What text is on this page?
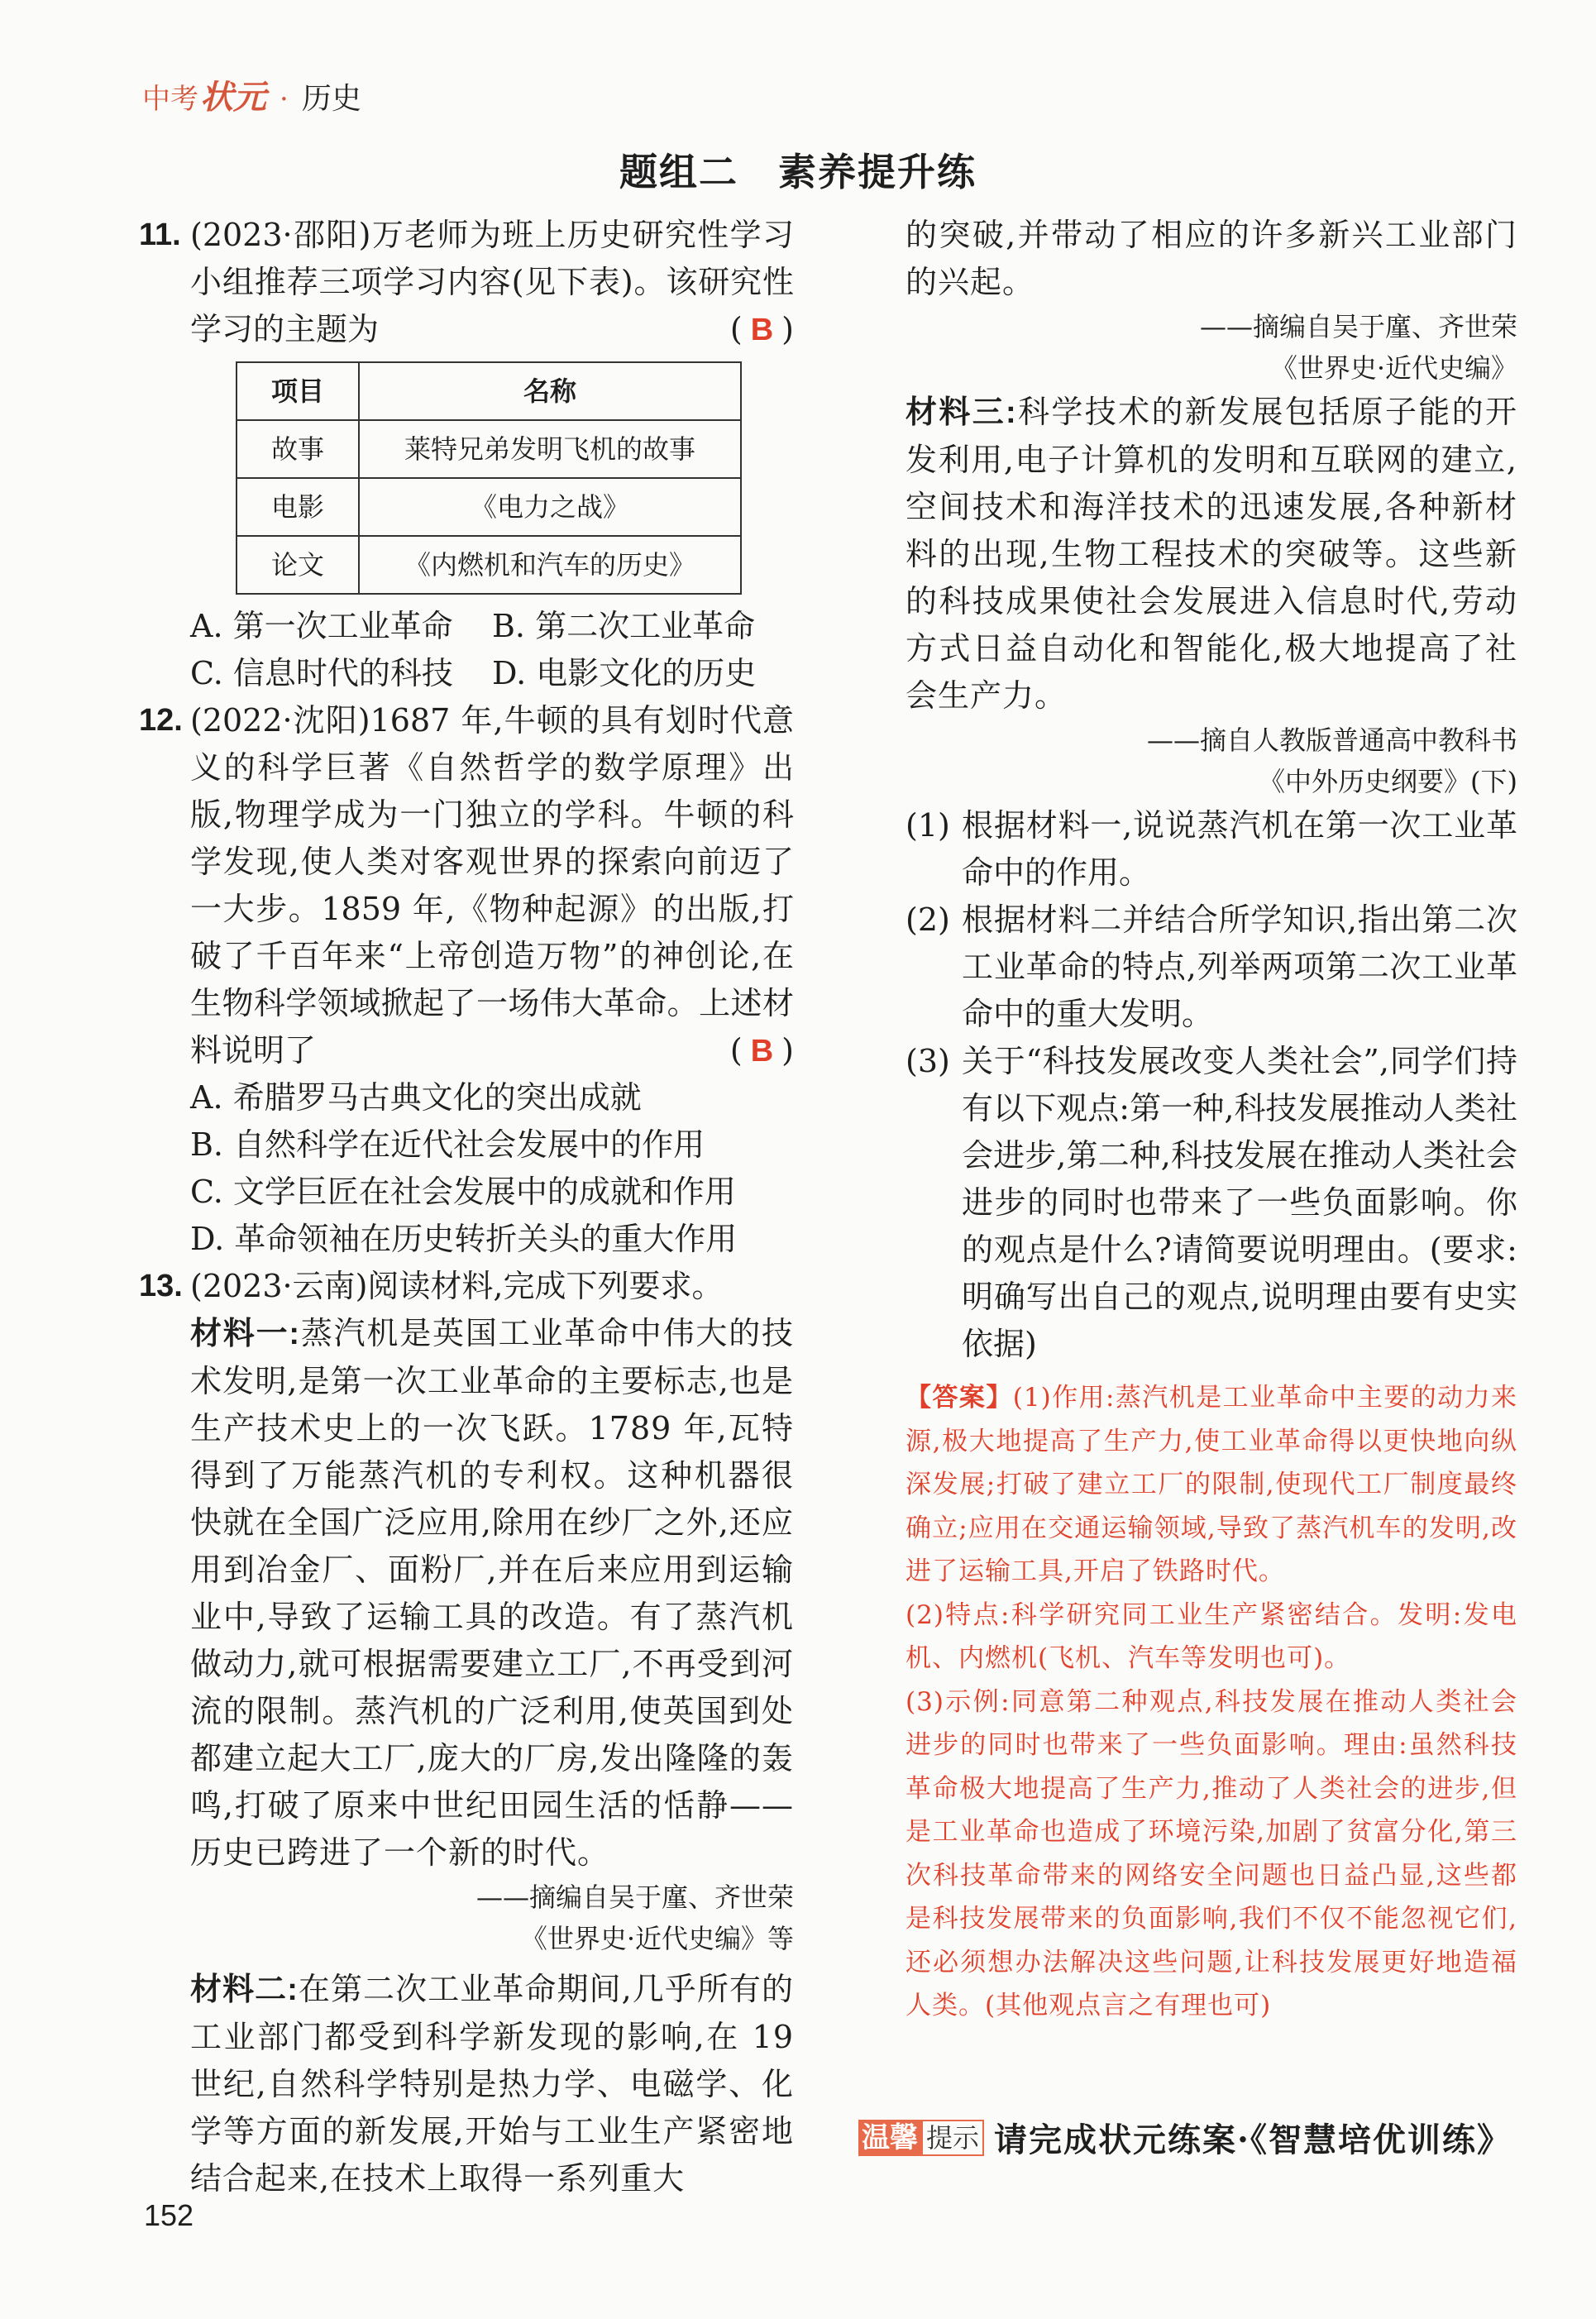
中考 状元 · 历史
题组二　素养提升练
11. (2023·邵阳)万老师为班上历史研究性学习小组推荐三项学习内容(见下表)。该研究性学习的主题为	( B )
项目	名称
故事	莱特兄弟发明飞机的故事
电影	《电力之战》
论文	《内燃机和汽车的历史》
A. 第一次工业革命	B. 第二次工业革命
C. 信息时代的科技	D. 电影文化的历史
12. (2022·沈阳)1687 年,牛顿的具有划时代意义的科学巨著《自然哲学的数学原理》出版,物理学成为一门独立的学科。牛顿的科学发现,使人类对客观世界的探索向前迈了一大步。1859 年,《物种起源》的出版,打破了千百年来“上帝创造万物”的神创论,在生物科学领域掀起了一场伟大革命。上述材料说明了	( B )

A. 希腊罗马古典文化的突出成就

B. 自然科学在近代社会发展中的作用

C. 文学巨匠在社会发展中的成就和作用

D. 革命领袖在历史转折关头的重大作用

13. (2023·云南)阅读材料,完成下列要求。

材料一:蒸汽机是英国工业革命中伟大的技术发明,是第一次工业革命的主要标志,也是生产技术史上的一次飞跃。1789 年,瓦特得到了万能蒸汽机的专利权。这种机器很快就在全国广泛应用,除用在纱厂之外,还应用到冶金厂、面粉厂,并在后来应用到运输业中,导致了运输工具的改造。有了蒸汽机做动力,就可根据需要建立工厂,不再受到河流的限制。蒸汽机的广泛利用,使英国到处都建立起大工厂,庞大的厂房,发出隆隆的轰鸣,打破了原来中世纪田园生活的恬静——历史已跨进了一个新的时代。

——摘编自吴于廑、齐世荣

《世界史·近代史编》等

材料二:在第二次工业革命期间,几乎所有的工业部门都受到科学新发现的影响,在 19 世纪,自然科学特别是热力学、电磁学、化学等方面的新发展,开始与工业生产紧密地结合起来,在技术上取得一系列重大

的突破,并带动了相应的许多新兴工业部门的兴起。

——摘编自吴于廑、齐世荣

《世界史·近代史编》

材料三:科学技术的新发展包括原子能的开发利用,电子计算机的发明和互联网的建立,空间技术和海洋技术的迅速发展,各种新材料的出现,生物工程技术的突破等。这些新的科技成果使社会发展进入信息时代,劳动方式日益自动化和智能化,极大地提高了社会生产力。

——摘自人教版普通高中教科书

《中外历史纲要》(下)

(1) 根据材料一,说说蒸汽机在第一次工业革命中的作用。
(2) 根据材料二并结合所学知识,指出第二次工业革命的特点,列举两项第二次工业革命中的重大发明。
(3) 关于“科技发展改变人类社会”,同学们持有以下观点:第一种,科技发展推动人类社会进步,第二种,科技发展在推动人类社会进步的同时也带来了一些负面影响。你的观点是什么?请简要说明理由。(要求:明确写出自己的观点,说明理由要有史实依据)

【答案】(1)作用:蒸汽机是工业革命中主要的动力来源,极大地提高了生产力,使工业革命得以更快地向纵深发展;打破了建立工厂的限制,使现代工厂制度最终确立;应用在交通运输领域,导致了蒸汽机车的发明,改进了运输工具,开启了铁路时代。

(2)特点:科学研究同工业生产紧密结合。发明:发电机、内燃机(飞机、汽车等发明也可)。

(3)示例:同意第二种观点,科技发展在推动人类社会进步的同时也带来了一些负面影响。理由:虽然科技革命极大地提高了生产力,推动了人类社会的进步,但是工业革命也造成了环境污染,加剧了贫富分化,第三次科技革命带来的网络安全问题也日益凸显,这些都是科技发展带来的负面影响,我们不仅不能忽视它们,还必须想办法解决这些问题,让科技发展更好地造福人类。(其他观点言之有理也可)

温馨 提示 请完成状元练案·《智慧培优训练》
152
